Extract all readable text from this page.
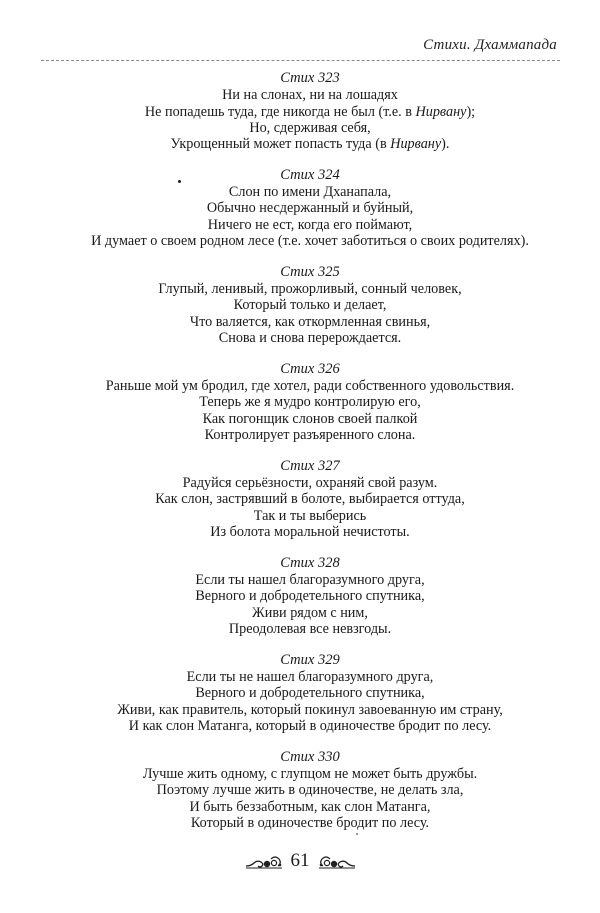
Стихи. Дхаммапада
Стих 323
Ни на слонах, ни на лошадях
Не попадешь туда, где никогда не был (т.е. в Нирвану);
Но, сдерживая себя,
Укрощенный может попасть туда (в Нирвану).
Стих 324
Слон по имени Дханапала,
Обычно несдержанный и буйный,
Ничего не ест, когда его поймают,
И думает о своем родном лесе (т.е. хочет заботиться о своих родителях).
Стих 325
Глупый, ленивый, прожорливый, сонный человек,
Который только и делает,
Что валяется, как откормленная свинья,
Снова и снова перерождается.
Стих 326
Раньше мой ум бродил, где хотел, ради собственного удовольствия.
Теперь же я мудро контролирую его,
Как погонщик слонов своей палкой
Контролирует разъяренного слона.
Стих 327
Радуйся серьёзности, охраняй свой разум.
Как слон, застрявший в болоте, выбирается оттуда,
Так и ты выберись
Из болота моральной нечистоты.
Стих 328
Если ты нашел благоразумного друга,
Верного и добродетельного спутника,
Живи рядом с ним,
Преодолевая все невзгоды.
Стих 329
Если ты не нашел благоразумного друга,
Верного и добродетельного спутника,
Живи, как правитель, который покинул завоеванную им страну,
И как слон Матанга, который в одиночестве бродит по лесу.
Стих 330
Лучше жить одному, с глупцом не может быть дружбы.
Поэтому лучше жить в одиночестве, не делать зла,
И быть беззаботным, как слон Матанга,
Который в одиночестве бродит по лесу.
61
